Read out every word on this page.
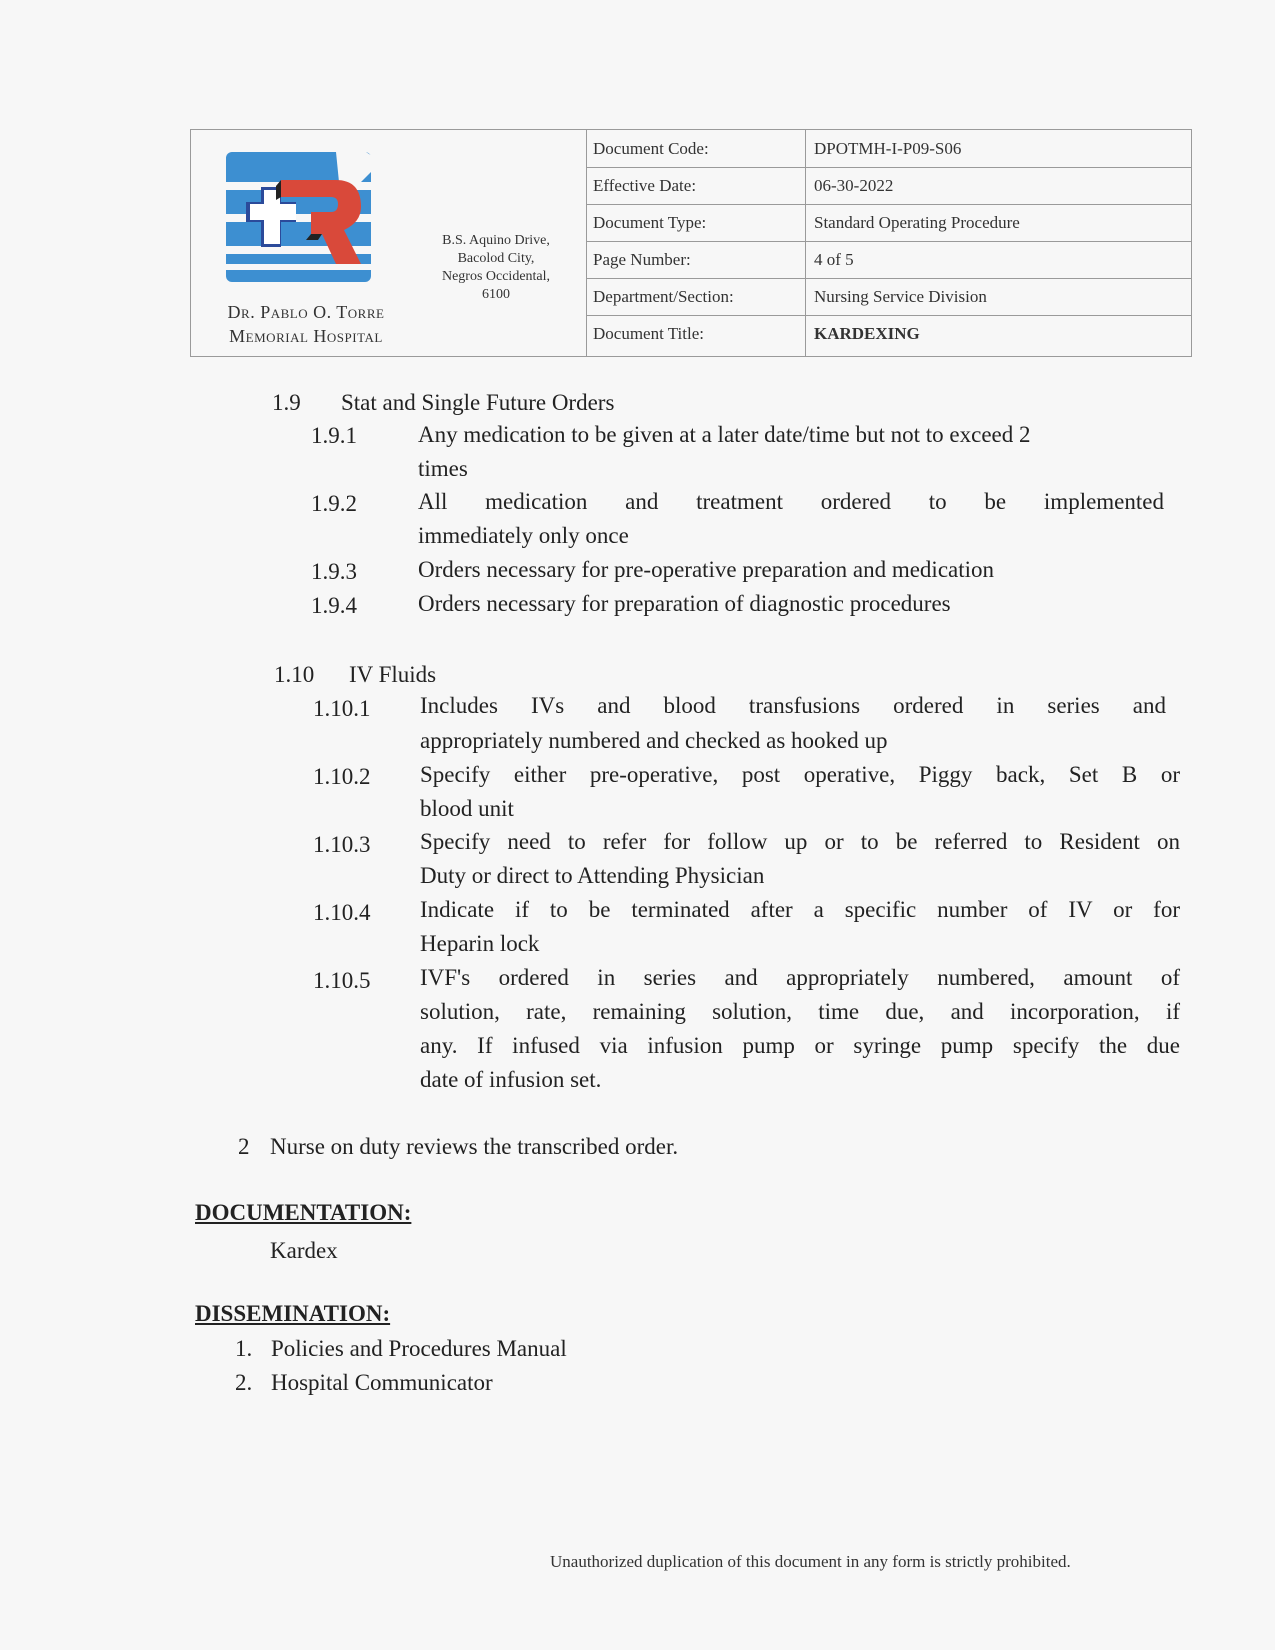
Dr. Pablo O. Torre
Memorial Hospital
B.S. Aquino Drive,
Bacolod City,
Negros Occidental,
6100
Document Code:	DPOTMH-I-P09-S06
Effective Date:	06-30-2022
Document Type:	Standard Operating Procedure
Page Number:	4 of 5
Department/Section:	Nursing Service Division
Document Title:	KARDEXING
1.9 Stat and Single Future Orders
1.9.1	Any medication to be given at a later date/time but not to exceed 2
times
1.9.2	All medication and treatment ordered to be implemented
immediately only once
1.9.3	Orders necessary for pre-operative preparation and medication
1.9.4	Orders necessary for preparation of diagnostic procedures
1.10 IV Fluids
1.10.1 Includes IVs and blood transfusions ordered in series and
appropriately numbered and checked as hooked up
1.10.2 Specify either pre-operative, post operative, Piggy back, Set B or
blood unit
1.10.3 Specify need to refer for follow up or to be referred to Resident on
Duty or direct to Attending Physician
1.10.4 Indicate if to be terminated after a specific number of IV or for
Heparin lock
1.10.5 IVF's ordered in series and appropriately numbered, amount of
solution, rate, remaining solution, time due, and incorporation, if
any. If infused via infusion pump or syringe pump specify the due
date of infusion set.
2 Nurse on duty reviews the transcribed order.
DOCUMENTATION:
Kardex
DISSEMINATION:
1. Policies and Procedures Manual
2. Hospital Communicator
Unauthorized duplication of this document in any form is strictly prohibited.
